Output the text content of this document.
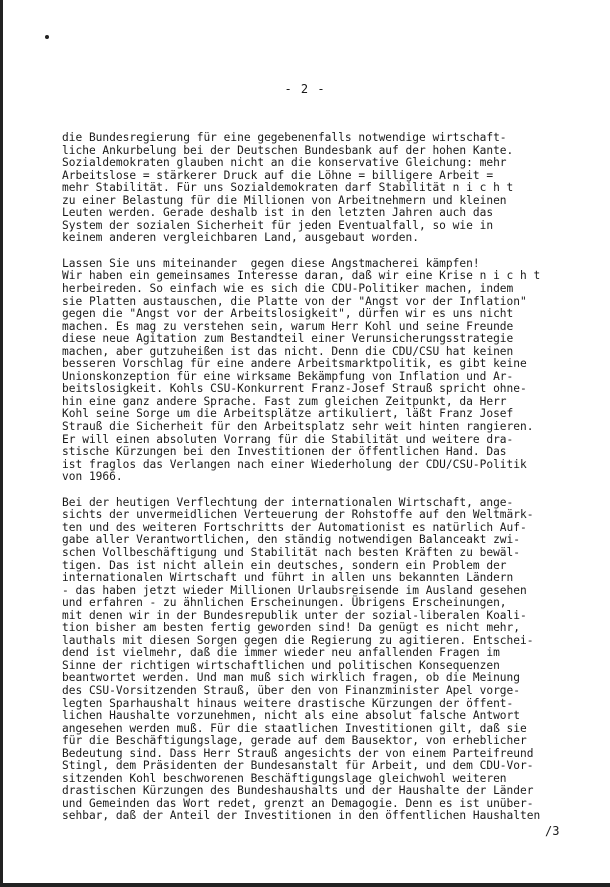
- 2 -
die Bundesregierung für eine gegebenenfalls notwendige wirtschaft-
liche Ankurbelung bei der Deutschen Bundesbank auf der hohen Kante.
Sozialdemokraten glauben nicht an die konservative Gleichung: mehr
Arbeitslose = stärkerer Druck auf die Löhne = billigere Arbeit =
mehr Stabilität. Für uns Sozialdemokraten darf Stabilität n i c h t
zu einer Belastung für die Millionen von Arbeitnehmern und kleinen
Leuten werden. Gerade deshalb ist in den letzten Jahren auch das
System der sozialen Sicherheit für jeden Eventualfall, so wie in
keinem anderen vergleichbaren Land, ausgebaut worden.
Lassen Sie uns miteinander  gegen diese Angstmacherei kämpfen!
Wir haben ein gemeinsames Interesse daran, daß wir eine Krise n i c h t
herbeireden. So einfach wie es sich die CDU-Politiker machen, indem
sie Platten austauschen, die Platte von der "Angst vor der Inflation"
gegen die "Angst vor der Arbeitslosigkeit", dürfen wir es uns nicht
machen. Es mag zu verstehen sein, warum Herr Kohl und seine Freunde
diese neue Agitation zum Bestandteil einer Verunsicherungsstrategie
machen, aber gutzuheißen ist das nicht. Denn die CDU/CSU hat keinen
besseren Vorschlag für eine andere Arbeitsmarktpolitik, es gibt keine
Unionskonzeption für eine wirksame Bekämpfung von Inflation und Ar-
beitslosigkeit. Kohls CSU-Konkurrent Franz-Josef Strauß spricht ohne-
hin eine ganz andere Sprache. Fast zum gleichen Zeitpunkt, da Herr
Kohl seine Sorge um die Arbeitsplätze artikuliert, läßt Franz Josef
Strauß die Sicherheit für den Arbeitsplatz sehr weit hinten rangieren.
Er will einen absoluten Vorrang für die Stabilität und weitere dra-
stische Kürzungen bei den Investitionen der öffentlichen Hand. Das
ist fraglos das Verlangen nach einer Wiederholung der CDU/CSU-Politik
von 1966.
Bei der heutigen Verflechtung der internationalen Wirtschaft, ange-
sichts der unvermeidlichen Verteuerung der Rohstoffe auf den Weltmärk-
ten und des weiteren Fortschritts der Automationist es natürlich Auf-
gabe aller Verantwortlichen, den ständig notwendigen Balanceakt zwi-
schen Vollbeschäftigung und Stabilität nach besten Kräften zu bewäl-
tigen. Das ist nicht allein ein deutsches, sondern ein Problem der
internationalen Wirtschaft und führt in allen uns bekannten Ländern
- das haben jetzt wieder Millionen Urlaubsreisende im Ausland gesehen
und erfahren - zu ähnlichen Erscheinungen. Übrigens Erscheinungen,
mit denen wir in der Bundesrepublik unter der sozial-liberalen Koali-
tion bisher am besten fertig geworden sind! Da genügt es nicht mehr,
lauthals mit diesen Sorgen gegen die Regierung zu agitieren. Entschei-
dend ist vielmehr, daß die immer wieder neu anfallenden Fragen im
Sinne der richtigen wirtschaftlichen und politischen Konsequenzen
beantwortet werden. Und man muß sich wirklich fragen, ob die Meinung
des CSU-Vorsitzenden Strauß, über den von Finanzminister Apel vorge-
legten Sparhaushalt hinaus weitere drastische Kürzungen der öffent-
lichen Haushalte vorzunehmen, nicht als eine absolut falsche Antwort
angesehen werden muß. Für die staatlichen Investitionen gilt, daß sie
für die Beschäftigungslage, gerade auf dem Bausektor, von erheblicher
Bedeutung sind. Dass Herr Strauß angesichts der von einem Parteifreund
Stingl, dem Präsidenten der Bundesanstalt für Arbeit, und dem CDU-Vor-
sitzenden Kohl beschworenen Beschäftigungslage gleichwohl weiteren
drastischen Kürzungen des Bundeshaushalts und der Haushalte der Länder
und Gemeinden das Wort redet, grenzt an Demagogie. Denn es ist unüber-
sehbar, daß der Anteil der Investitionen in den öffentlichen Haushalten
/3
